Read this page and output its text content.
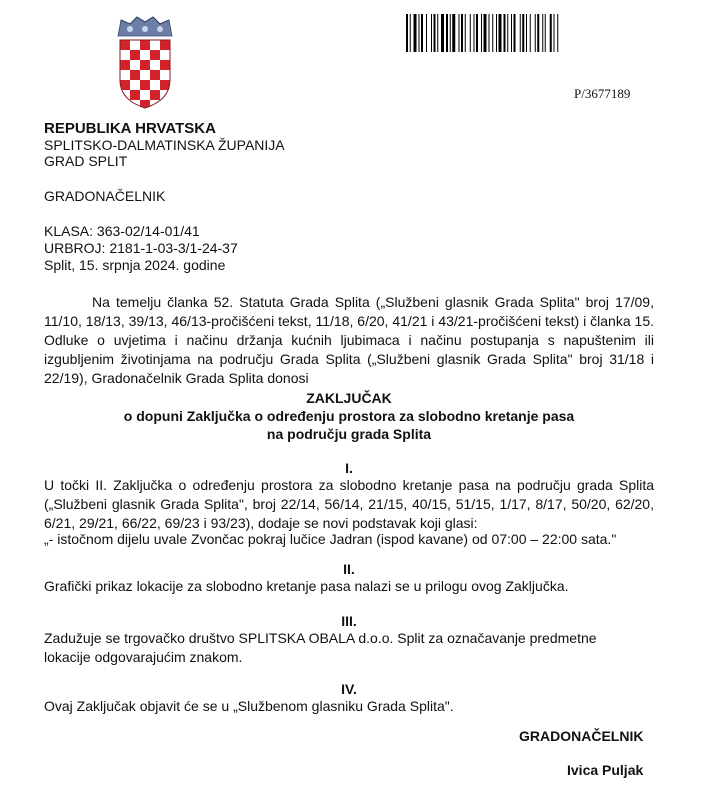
P/3677189
REPUBLIKA HRVATSKA
SPLITSKO-DALMATINSKA ŽUPANIJA
GRAD SPLIT
GRADONAČELNIK
KLASA: 363-02/14-01/41
URBROJ: 2181-1-03-3/1-24-37
Split, 15. srpnja 2024. godine
Na temelju članka 52. Statuta Grada Splita („Službeni glasnik Grada Splita" broj 17/09, 11/10, 18/13, 39/13, 46/13-pročišćeni tekst, 11/18, 6/20, 41/21 i 43/21-pročišćeni tekst) i članka 15. Odluke o uvjetima i načinu držanja kućnih ljubimaca i načinu postupanja s napuštenim ili izgubljenim životinjama na području Grada Splita („Službeni glasnik Grada Splita" broj 31/18 i 22/19), Gradonačelnik Grada Splita donosi
ZAKLJUČAK
o dopuni Zaključka o određenju prostora za slobodno kretanje pasa
na području grada Splita
I.
U točki II. Zaključka o određenju prostora za slobodno kretanje pasa na području grada Splita („Službeni glasnik Grada Splita", broj 22/14, 56/14, 21/15, 40/15, 51/15, 1/17, 8/17, 50/20, 62/20, 6/21, 29/21, 66/22, 69/23 i 93/23), dodaje se novi podstavak koji glasi:
„- istočnom dijelu uvale Zvončac pokraj lučice Jadran (ispod kavane) od 07:00 – 22:00 sata."
II.
Grafički prikaz lokacije za slobodno kretanje pasa nalazi se u prilogu ovog Zaključka.
III.
Zadužuje se trgovačko društvo SPLITSKA OBALA d.o.o. Split za označavanje predmetne lokacije odgovarajućim znakom.
IV.
Ovaj Zaključak objavit će se u „Službenom glasniku Grada Splita".
GRADONAČELNIK
Ivica Puljak
